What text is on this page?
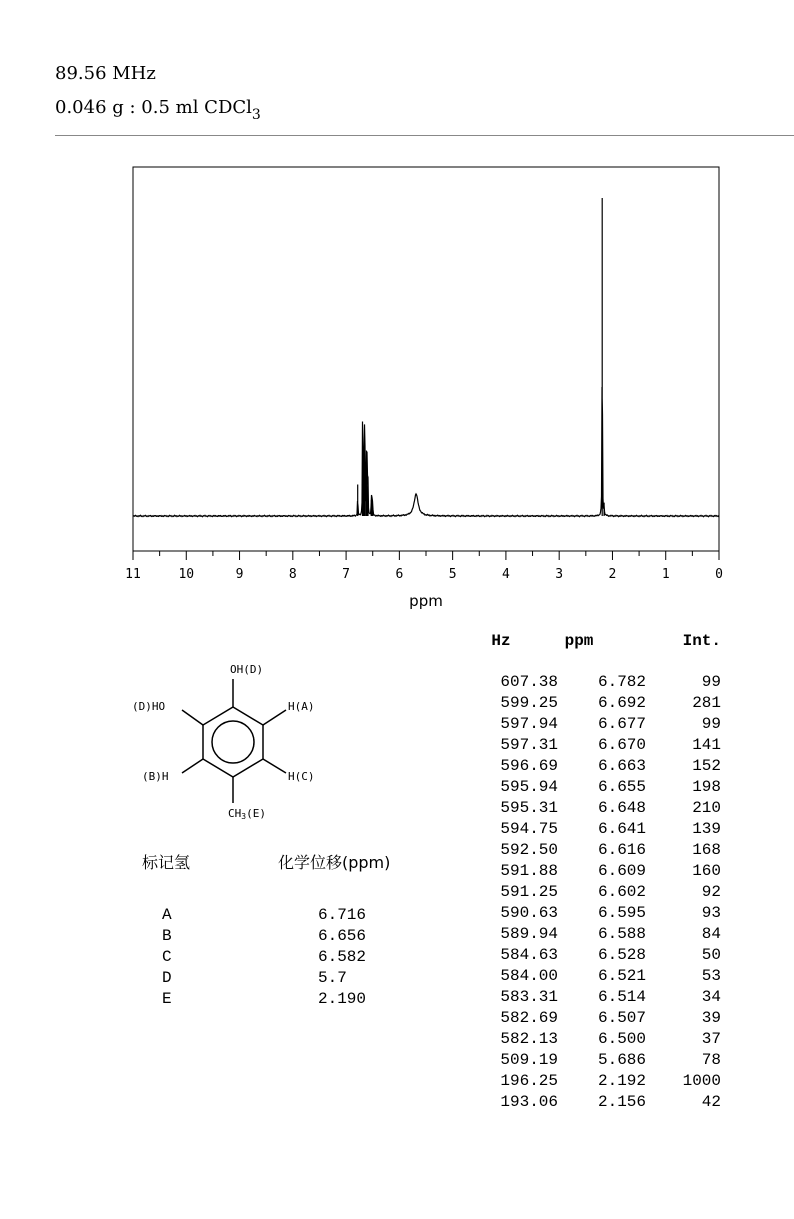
89.56 MHz
0.046 g : 0.5 ml CDCl$_3$
11	10	9	8	7	6	5	4	3	2	1	0
ppm
OH(D)
(D)HO	H(A)
(B)H	H(C)
CH3(E)
标记氢	化学位移(ppm)
A	6.716
B	6.656
C	6.582
D	5.7
E	2.190
Hz	ppm	Int.
607.38	6.782	99
599.25	6.692	281
597.94	6.677	99
597.31	6.670	141
596.69	6.663	152
595.94	6.655	198
595.31	6.648	210
594.75	6.641	139
592.50	6.616	168
591.88	6.609	160
591.25	6.602	92
590.63	6.595	93
589.94	6.588	84
584.63	6.528	50
584.00	6.521	53
583.31	6.514	34
582.69	6.507	39
582.13	6.500	37
509.19	5.686	78
196.25	2.192	1000
193.06	2.156	42
